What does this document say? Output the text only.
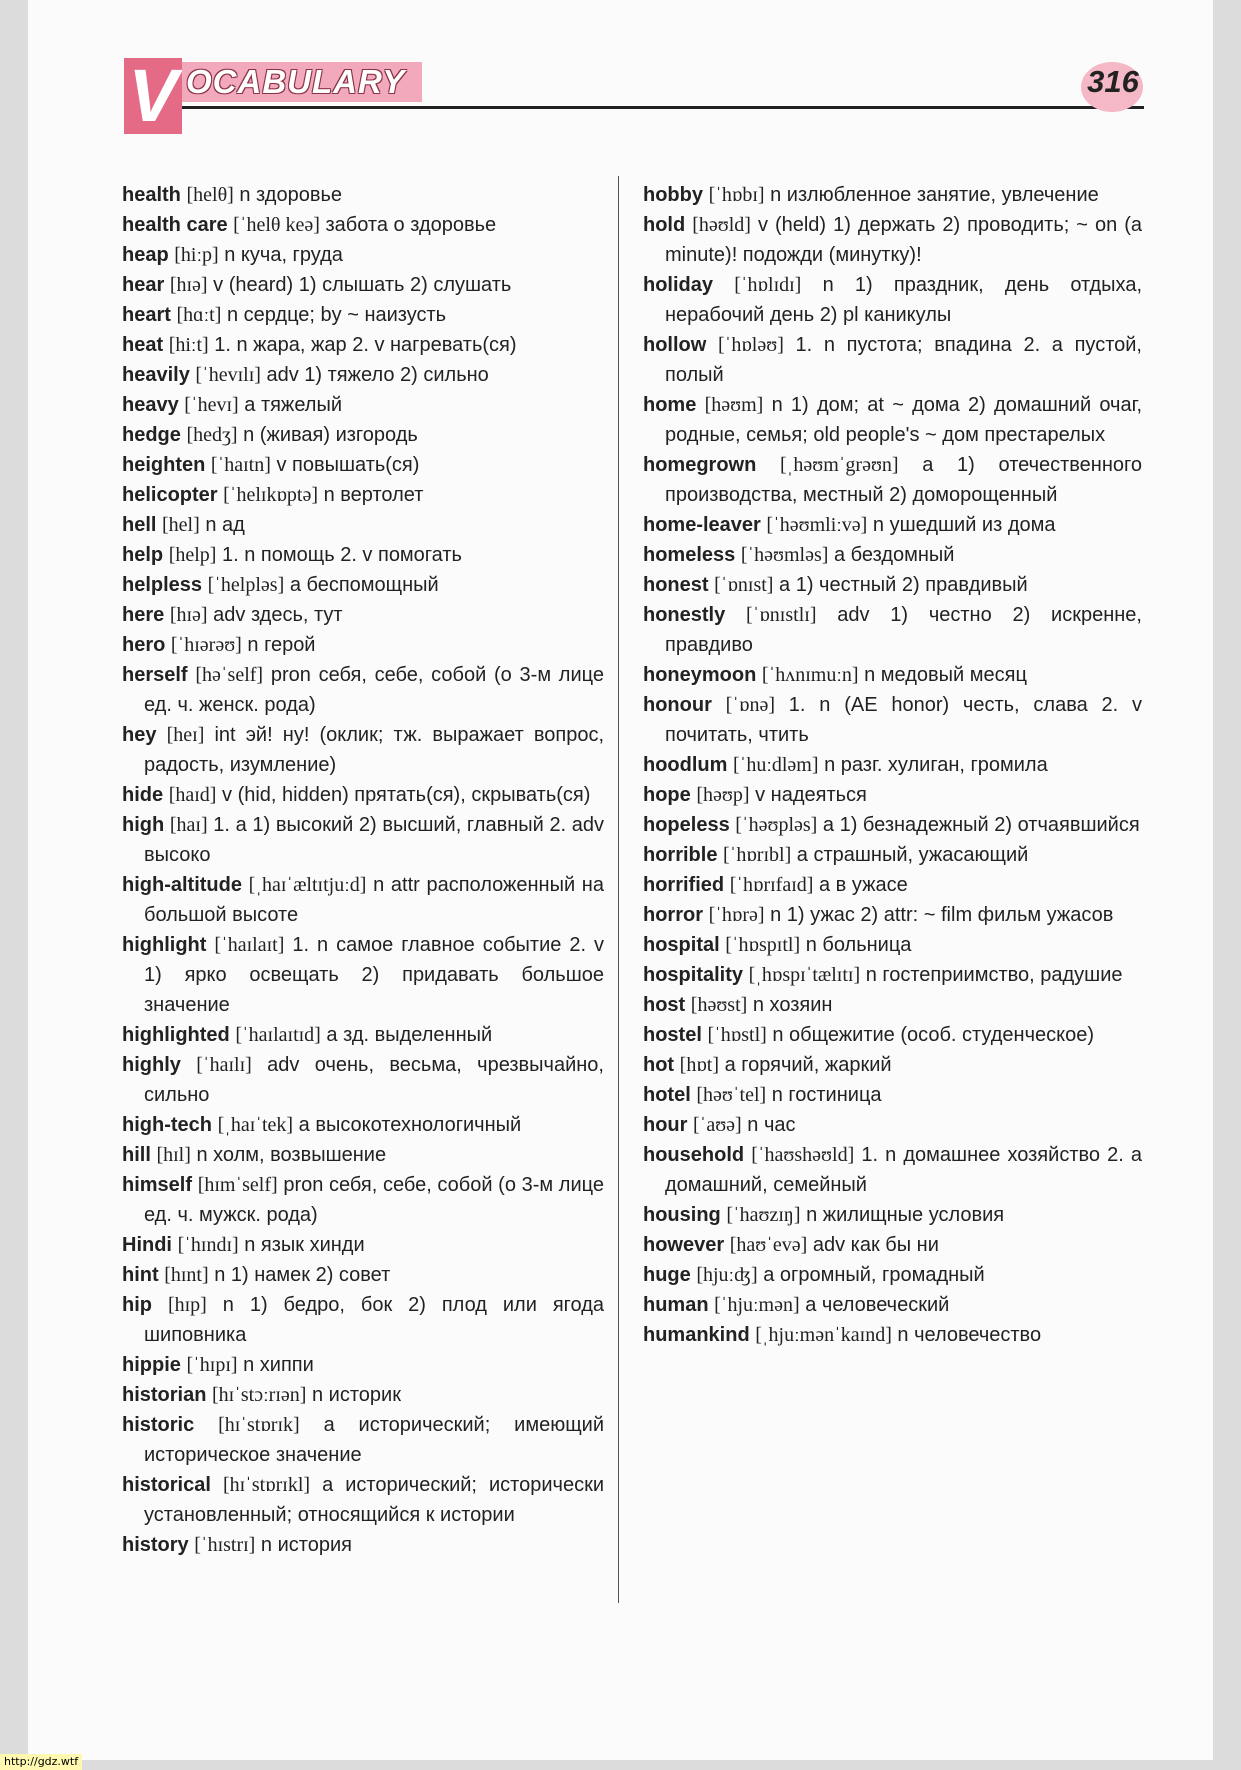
V OCABULARY	316

health [helθ] n здоровье

health care [ˈhelθ keə] забота о здоровье

heap [hiːp] n куча, груда

hear [hɪə] v (heard) 1) слышать 2) слушать

heart [hɑːt] n сердце; by ~ наизусть

heat [hiːt] 1. n жара, жар 2. v нагревать(ся)

heavily [ˈhevɪlɪ] adv 1) тяжело 2) сильно

heavy [ˈhevɪ] a тяжелый

hedge [hedʒ] n (живая) изгородь

heighten [ˈhaɪtn] v повышать(ся)

helicopter [ˈhelɪkɒptə] n вертолет

hell [hel] n ад

help [help] 1. n помощь 2. v помогать

helpless [ˈhelpləs] a беспомощный

here [hɪə] adv здесь, тут

hero [ˈhɪərəʊ] n герой

herself [həˈself] pron себя, себе, собой (о 3-м лице ед. ч. женск. рода)

hey [heɪ] int эй! ну! (оклик; тж. выражает вопрос, радость, изумление)

hide [haɪd] v (hid, hidden) прятать(ся), скрывать(ся)

high [haɪ] 1. a 1) высокий 2) высший, главный 2. adv высоко

high-altitude [ˌhaɪˈæltɪtjuːd] n attr расположенный на большой высоте

highlight [ˈhaɪlaɪt] 1. n самое главное событие 2. v 1) ярко освещать 2) придавать большое значение

highlighted [ˈhaɪlaɪtɪd] a зд. выделенный

highly [ˈhaɪlɪ] adv очень, весьма, чрезвычайно, сильно

high-tech [ˌhaɪˈtek] a высокотехнологичный

hill [hɪl] n холм, возвышение

himself [hɪmˈself] pron себя, себе, собой (о 3-м лице ед. ч. мужск. рода)

Hindi [ˈhɪndɪ] n язык хинди

hint [hɪnt] n 1) намек 2) совет

hip [hɪp] n 1) бедро, бок 2) плод или ягода шиповника

hippie [ˈhɪpɪ] n хиппи

historian [hɪˈstɔːrɪən] n историк

historic [hɪˈstɒrɪk] a исторический; имеющий историческое значение

historical [hɪˈstɒrɪkl] a исторический; исторически установленный; относящийся к истории

history [ˈhɪstrɪ] n история

hobby [ˈhɒbɪ] n излюбленное занятие, увлечение

hold [həʊld] v (held) 1) держать 2) проводить; ~ on (a minute)! подожди (минутку)!

holiday [ˈhɒlɪdɪ] n 1) праздник, день отдыха, нерабочий день 2) pl каникулы

hollow [ˈhɒləʊ] 1. n пустота; впадина 2. a пустой, полый

home [həʊm] n 1) дом; at ~ дома 2) домашний очаг, родные, семья; old people's ~ дом престарелых

homegrown [ˌhəʊmˈgrəʊn] a 1) отечественного производства, местный 2) доморощенный

home-leaver [ˈhəʊmliːvə] n ушедший из дома

homeless [ˈhəʊmləs] a бездомный

honest [ˈɒnɪst] a 1) честный 2) правдивый

honestly [ˈɒnɪstlɪ] adv 1) честно 2) искренне, правдиво

honeymoon [ˈhʌnɪmuːn] n медовый месяц

honour [ˈɒnə] 1. n (AE honor) честь, слава 2. v почитать, чтить

hoodlum [ˈhuːdləm] n разг. хулиган, громила

hope [həʊp] v надеяться

hopeless [ˈhəʊpləs] a 1) безнадежный 2) отчаявшийся

horrible [ˈhɒrɪbl] a страшный, ужасающий

horrified [ˈhɒrɪfaɪd] a в ужасе

horror [ˈhɒrə] n 1) ужас 2) attr: ~ film фильм ужасов

hospital [ˈhɒspɪtl] n больница

hospitality [ˌhɒspɪˈtælɪtɪ] n гостеприимство, радушие

host [həʊst] n хозяин

hostel [ˈhɒstl] n общежитие (особ. студенческое)

hot [hɒt] a горячий, жаркий

hotel [həʊˈtel] n гостиница

hour [ˈaʊə] n час

household [ˈhaʊshəʊld] 1. n домашнее хозяйство 2. a домашний, семейный

housing [ˈhaʊzɪŋ] n жилищные условия

however [haʊˈevə] adv как бы ни

huge [hjuːʤ] a огромный, громадный

human [ˈhjuːmən] a человеческий

humankind [ˌhjuːmənˈkaɪnd] n человечество

http://gdz.wtf
